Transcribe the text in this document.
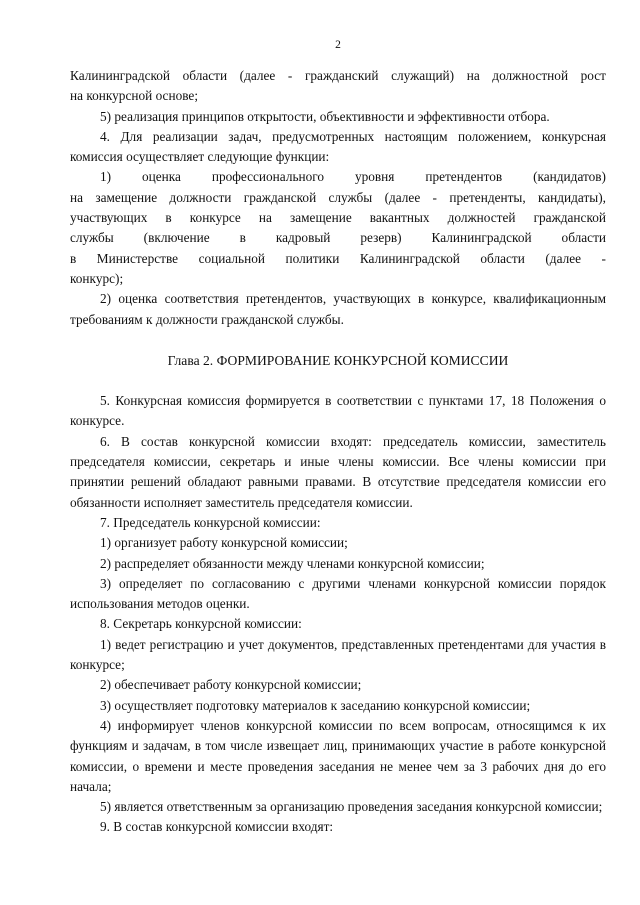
2

Калининградской области (далее - гражданский служащий) на должностной рост

на конкурсной основе;

5) реализация принципов открытости, объективности и эффективности отбора.

4. Для реализации задач, предусмотренных настоящим положением, конкурсная комиссия осуществляет следующие функции:

1) оценка профессионального уровня претендентов (кандидатов)

на замещение должности гражданской службы (далее - претенденты, кандидаты),

участвующих в конкурсе на замещение вакантных должностей гражданской

службы (включение в кадровый резерв) Калининградской области

в Министерстве социальной политики Калининградской области (далее -

конкурс);

2) оценка соответствия претендентов, участвующих в конкурсе, квалификационным требованиям к должности гражданской службы.

Глава 2. ФОРМИРОВАНИЕ КОНКУРСНОЙ КОМИССИИ

5. Конкурсная комиссия формируется в соответствии с пунктами 17, 18 Положения о конкурсе.

6. В состав конкурсной комиссии входят: председатель комиссии, заместитель председателя комиссии, секретарь и иные члены комиссии. Все члены комиссии при принятии решений обладают равными правами. В отсутствие председателя комиссии его обязанности исполняет заместитель председателя комиссии.

7. Председатель конкурсной комиссии:

1) организует работу конкурсной комиссии;

2) распределяет обязанности между членами конкурсной комиссии;

3) определяет по согласованию с другими членами конкурсной комиссии порядок использования методов оценки.

8. Секретарь конкурсной комиссии:

1) ведет регистрацию и учет документов, представленных претендентами для участия в конкурсе;

2) обеспечивает работу конкурсной комиссии;

3) осуществляет подготовку материалов к заседанию конкурсной комиссии;

4) информирует членов конкурсной комиссии по всем вопросам, относящимся к их функциям и задачам, в том числе извещает лиц, принимающих участие в работе конкурсной комиссии, о времени и месте проведения заседания не менее чем за 3 рабочих дня до его начала;

5) является ответственным за организацию проведения заседания конкурсной комиссии;

9. В состав конкурсной комиссии входят:
